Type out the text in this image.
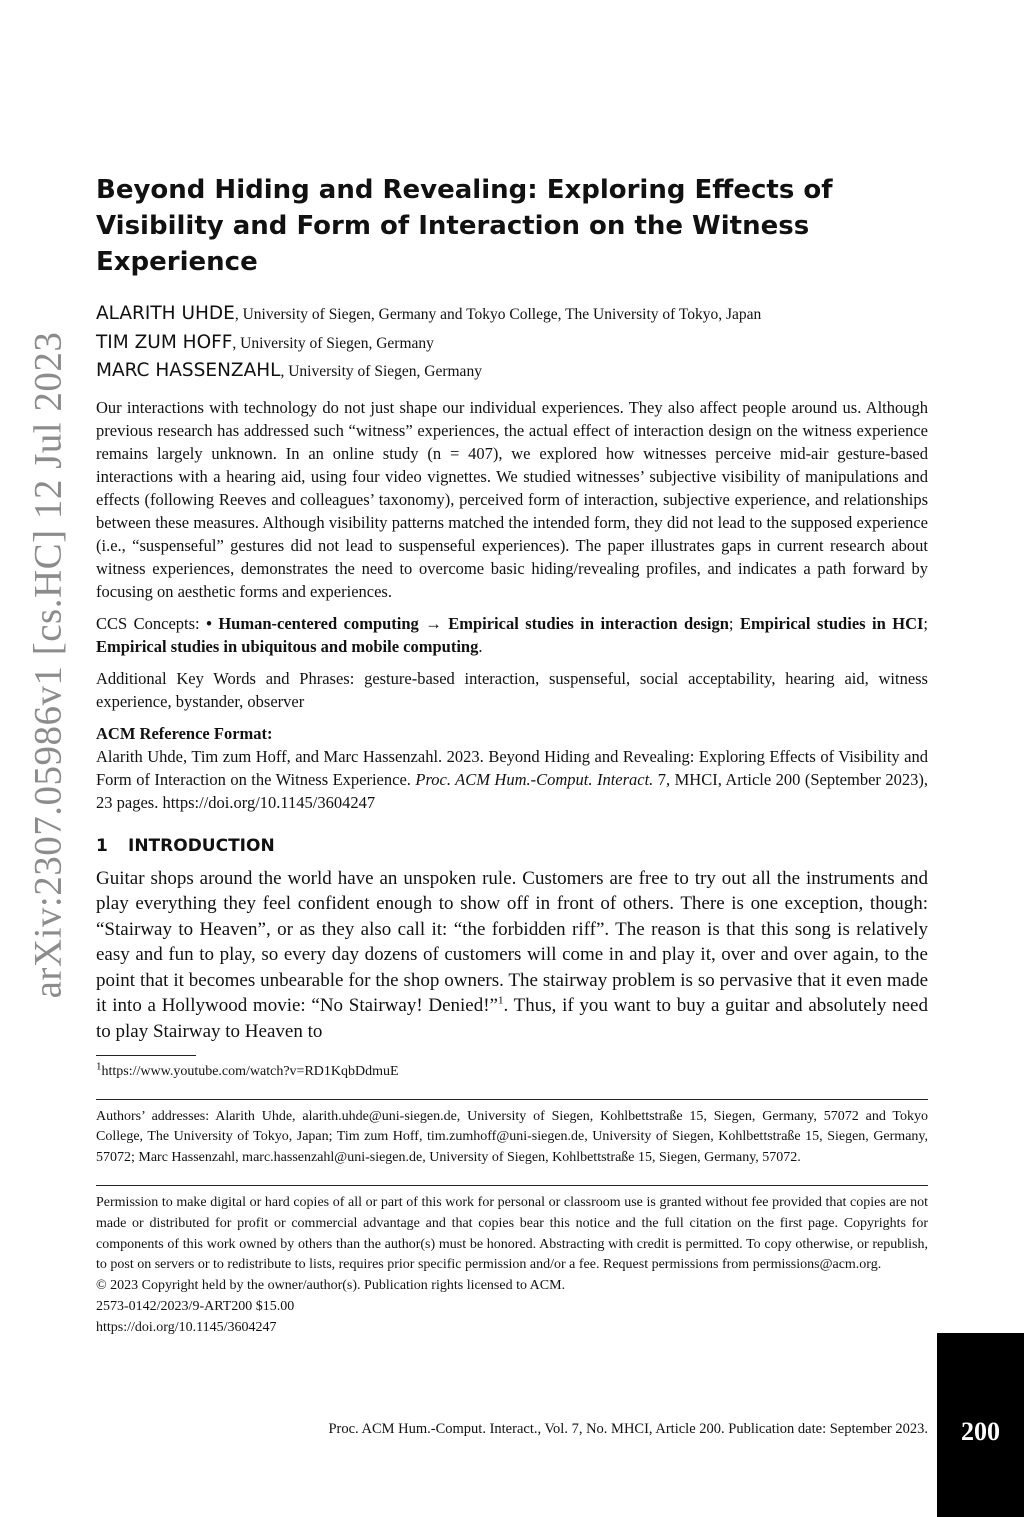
arXiv:2307.05986v1 [cs.HC] 12 Jul 2023
Beyond Hiding and Revealing: Exploring Effects of Visibility and Form of Interaction on the Witness Experience
ALARITH UHDE, University of Siegen, Germany and Tokyo College, The University of Tokyo, Japan
TIM ZUM HOFF, University of Siegen, Germany
MARC HASSENZAHL, University of Siegen, Germany

Our interactions with technology do not just shape our individual experiences. They also affect people around us. Although previous research has addressed such “witness” experiences, the actual effect of interaction design on the witness experience remains largely unknown. In an online study (n = 407), we explored how witnesses perceive mid-air gesture-based interactions with a hearing aid, using four video vignettes. We studied witnesses’ subjective visibility of manipulations and effects (following Reeves and colleagues’ taxonomy), perceived form of interaction, subjective experience, and relationships between these measures. Although visibility patterns matched the intended form, they did not lead to the supposed experience (i.e., “suspenseful” gestures did not lead to suspenseful experiences). The paper illustrates gaps in current research about witness experiences, demonstrates the need to overcome basic hiding/revealing profiles, and indicates a path forward by focusing on aesthetic forms and experiences.

CCS Concepts: • Human-centered computing → Empirical studies in interaction design; Empirical studies in HCI; Empirical studies in ubiquitous and mobile computing.

Additional Key Words and Phrases: gesture-based interaction, suspenseful, social acceptability, hearing aid, witness experience, bystander, observer

ACM Reference Format:
Alarith Uhde, Tim zum Hoff, and Marc Hassenzahl. 2023. Beyond Hiding and Revealing: Exploring Effects of Visibility and Form of Interaction on the Witness Experience. Proc. ACM Hum.-Comput. Interact. 7, MHCI, Article 200 (September 2023), 23 pages. https://doi.org/10.1145/3604247
1 INTRODUCTION

Guitar shops around the world have an unspoken rule. Customers are free to try out all the instruments and play everything they feel confident enough to show off in front of others. There is one exception, though: “Stairway to Heaven”, or as they also call it: “the forbidden riff”. The reason is that this song is relatively easy and fun to play, so every day dozens of customers will come in and play it, over and over again, to the point that it becomes unbearable for the shop owners. The stairway problem is so pervasive that it even made it into a Hollywood movie: “No Stairway! Denied!”$^1$. Thus, if you want to buy a guitar and absolutely need to play Stairway to Heaven to

$^1$https://www.youtube.com/watch?v=RD1KqbDdmuE

Authors’ addresses: Alarith Uhde, alarith.uhde@uni-siegen.de, University of Siegen, Kohlbettstraße 15, Siegen, Germany, 57072 and Tokyo College, The University of Tokyo, Japan; Tim zum Hoff, tim.zumhoff@uni-siegen.de, University of Siegen, Kohlbettstraße 15, Siegen, Germany, 57072; Marc Hassenzahl, marc.hassenzahl@uni-siegen.de, University of Siegen, Kohlbettstraße 15, Siegen, Germany, 57072.

Permission to make digital or hard copies of all or part of this work for personal or classroom use is granted without fee provided that copies are not made or distributed for profit or commercial advantage and that copies bear this notice and the full citation on the first page. Copyrights for components of this work owned by others than the author(s) must be honored. Abstracting with credit is permitted. To copy otherwise, or republish, to post on servers or to redistribute to lists, requires prior specific permission and/or a fee. Request permissions from permissions@acm.org.

© 2023 Copyright held by the owner/author(s). Publication rights licensed to ACM.

2573-0142/2023/9-ART200 $15.00

https://doi.org/10.1145/3604247

Proc. ACM Hum.-Comput. Interact., Vol. 7, No. MHCI, Article 200. Publication date: September 2023.	200
